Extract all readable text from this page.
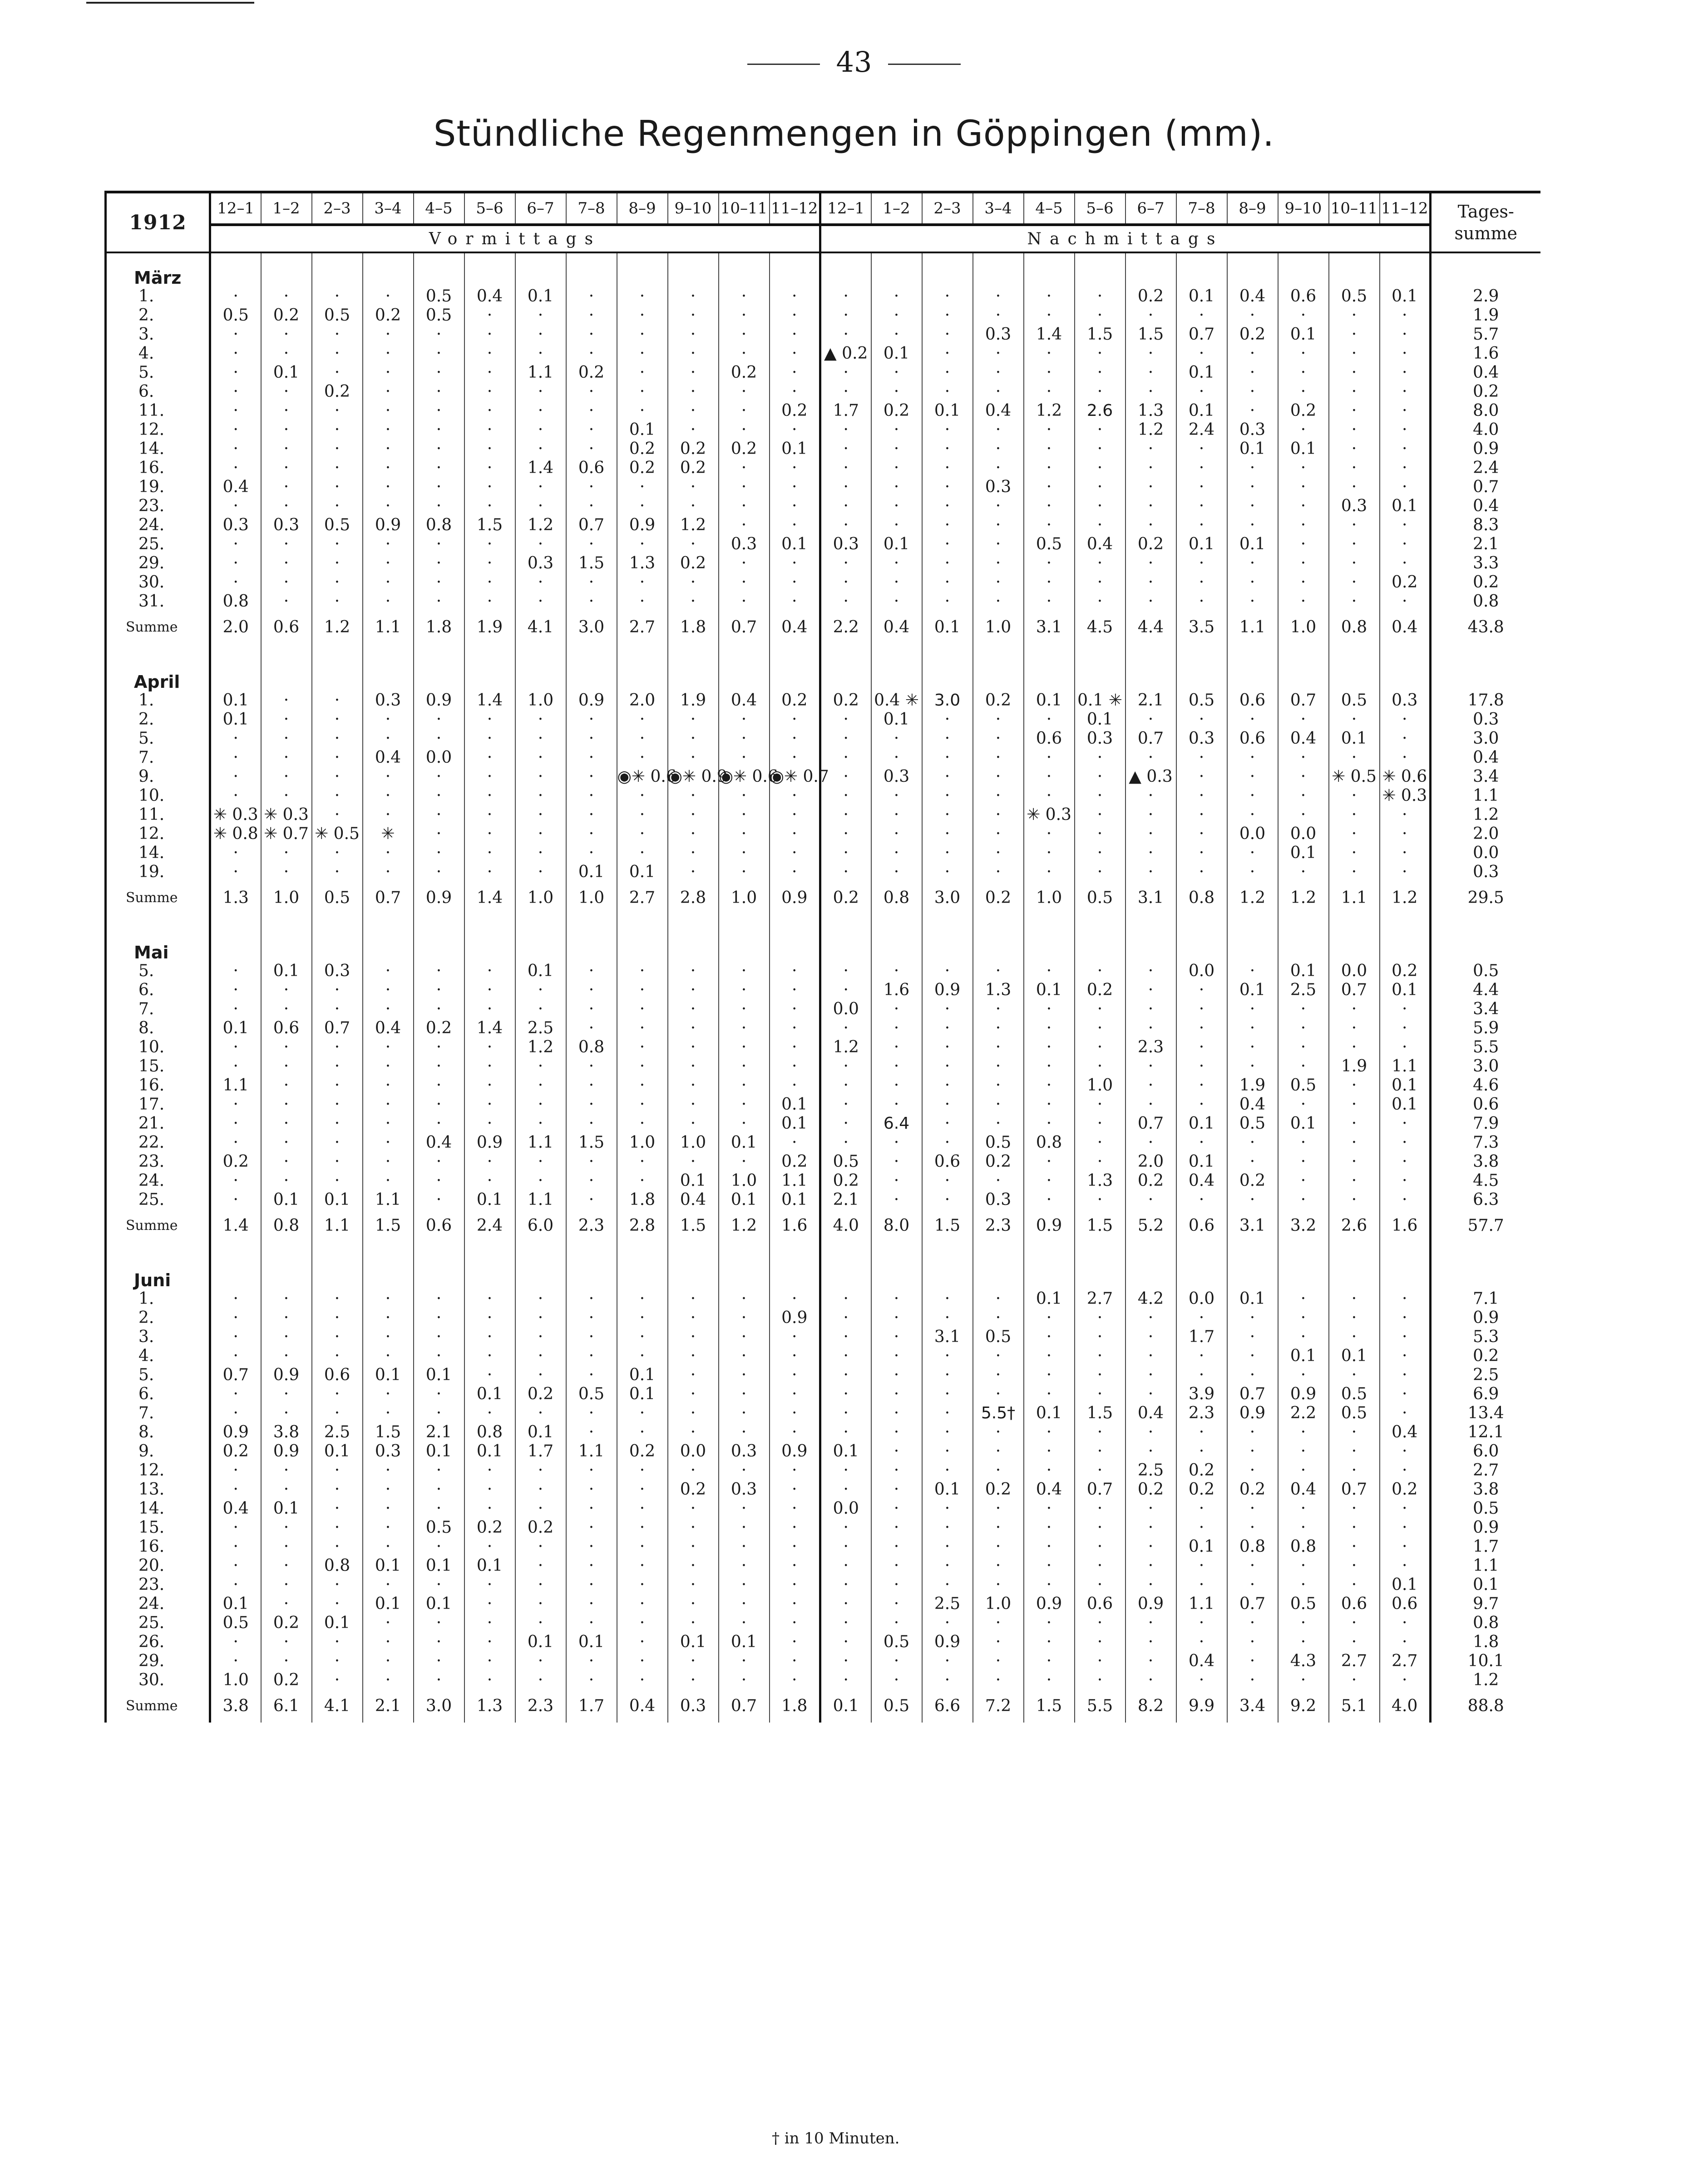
43
Stündliche Regenmengen in Göppingen (mm).
1912	12–1	1–2	2–3	3–4	4–5	5–6	6–7	7–8	8–9	9–10	10–11	11–12	12–1	1–2	2–3	3–4	4–5	5–6	6–7	7–8	8–9	9–10	10–11	11–12	Tages-summe
	Vormittags												Nachmittags												
März																									
1.	·	·	·	·	0.5	0.4	0.1	·	·	·	·	·	·	·	·	·	·	·	0.2	0.1	0.4	0.6	0.5	0.1	2.9
2.	0.5	0.2	0.5	0.2	0.5	·	·	·	·	·	·	·	·	·	·	·	·	·	·	·	·	·	·	·	1.9
3.	·	·	·	·	·	·	·	·	·	·	·	·	·	·	·	0.3	1.4	1.5	1.5	0.7	0.2	0.1	·	·	5.7
4.	·	·	·	·	·	·	·	·	·	·	·	·	▲ 0.2	0.1	·	·	·	·	·	·	·	·	·	·	1.6
5.	·	0.1	·	·	·	·	1.1	0.2	·	·	0.2	·	·	·	·	·	·	·	·	0.1	·	·	·	·	0.4
6.	·	·	0.2	·	·	·	·	·	·	·	·	·	·	·	·	·	·	·	·	·	·	·	·	·	0.2
11.	·	·	·	·	·	·	·	·	·	·	·	0.2	1.7	0.2	0.1	0.4	1.2	2.6	1.3	0.1	·	0.2	·	·	8.0
12.	·	·	·	·	·	·	·	·	0.1	·	·	·	·	·	·	·	·	·	1.2	2.4	0.3	·	·	·	4.0
14.	·	·	·	·	·	·	·	·	0.2	0.2	0.2	0.1	·	·	·	·	·	·	·	·	0.1	0.1	·	·	0.9
16.	·	·	·	·	·	·	1.4	0.6	0.2	0.2	·	·	·	·	·	·	·	·	·	·	·	·	·	·	2.4
19.	0.4	·	·	·	·	·	·	·	·	·	·	·	·	·	·	0.3	·	·	·	·	·	·	·	·	0.7
23.	·	·	·	·	·	·	·	·	·	·	·	·	·	·	·	·	·	·	·	·	·	·	0.3	0.1	0.4
24.	0.3	0.3	0.5	0.9	0.8	1.5	1.2	0.7	0.9	1.2	·	·	·	·	·	·	·	·	·	·	·	·	·	·	8.3
25.	·	·	·	·	·	·	·	·	·	·	0.3	0.1	0.3	0.1	·	·	0.5	0.4	0.2	0.1	0.1	·	·	·	2.1
29.	·	·	·	·	·	·	0.3	1.5	1.3	0.2	·	·	·	·	·	·	·	·	·	·	·	·	·	·	3.3
30.	·	·	·	·	·	·	·	·	·	·	·	·	·	·	·	·	·	·	·	·	·	·	·	0.2	0.2
31.	0.8	·	·	·	·	·	·	·	·	·	·	·	·	·	·	·	·	·	·	·	·	·	·	·	0.8
Summe	2.0	0.6	1.2	1.1	1.8	1.9	4.1	3.0	2.7	1.8	0.7	0.4	2.2	0.4	0.1	1.0	3.1	4.5	4.4	3.5	1.1	1.0	0.8	0.4	43.8

April																									
1.	0.1	·	·	0.3	0.9	1.4	1.0	0.9	2.0	1.9	0.4	0.2	0.2	0.4 ✳	3.0	0.2	0.1	0.1 ✳	2.1	0.5	0.6	0.7	0.5	0.3	17.8
2.	0.1	·	·	·	·	·	·	·	·	·	·	·	·	0.1	·	·	·	0.1	·	·	·	·	·	·	0.3
5.	·	·	·	·	·	·	·	·	·	·	·	·	·	·	·	·	0.6	0.3	0.7	0.3	0.6	0.4	0.1	·	3.0
7.	·	·	·	0.4	0.0	·	·	·	·	·	·	·	·	·	·	·	·	·	·	·	·	·	·	·	0.4
9.	·	·	·	·	·	·	·	·	◉✳ 0.6	◉✳ 0.9	◉✳ 0.6	◉✳ 0.7	·	0.3	·	·	·	·	▲ 0.3	·	·	·	✳ 0.5	✳ 0.6	3.4
10.	·	·	·	·	·	·	·	·	·	·	·	·	·	·	·	·	·	·	·	·	·	·	·	✳ 0.3	1.1
11.	✳ 0.3	✳ 0.3	·	·	·	·	·	·	·	·	·	·	·	·	·	·	✳ 0.3	·	·	·	·	·	·	·	1.2
12.	✳ 0.8	✳ 0.7	✳ 0.5	✳	·	·	·	·	·	·	·	·	·	·	·	·	·	·	·	·	0.0	0.0	·	·	2.0
14.	·	·	·	·	·	·	·	·	·	·	·	·	·	·	·	·	·	·	·	·	·	0.1	·	·	0.0
19.	·	·	·	·	·	·	·	0.1	0.1	·	·	·	·	·	·	·	·	·	·	·	·	·	·	·	0.3
Summe	1.3	1.0	0.5	0.7	0.9	1.4	1.0	1.0	2.7	2.8	1.0	0.9	0.2	0.8	3.0	0.2	1.0	0.5	3.1	0.8	1.2	1.2	1.1	1.2	29.5

Mai																									
5.	·	0.1	0.3	·	·	·	0.1	·	·	·	·	·	·	·	·	·	·	·	·	0.0	·	0.1	0.0	0.2	0.5
6.	·	·	·	·	·	·	·	·	·	·	·	·	·	1.6	0.9	1.3	0.1	0.2	·	·	0.1	2.5	0.7	0.1	4.4
7.	·	·	·	·	·	·	·	·	·	·	·	·	0.0	·	·	·	·	·	·	·	·	·	·	·	3.4
8.	0.1	0.6	0.7	0.4	0.2	1.4	2.5	·	·	·	·	·	·	·	·	·	·	·	·	·	·	·	·	·	5.9
10.	·	·	·	·	·	·	1.2	0.8	·	·	·	·	1.2	·	·	·	·	·	2.3	·	·	·	·	·	5.5
15.	·	·	·	·	·	·	·	·	·	·	·	·	·	·	·	·	·	·	·	·	·	·	1.9	1.1	3.0
16.	1.1	·	·	·	·	·	·	·	·	·	·	·	·	·	·	·	·	1.0	·	·	1.9	0.5	·	0.1	4.6
17.	·	·	·	·	·	·	·	·	·	·	·	0.1	·	·	·	·	·	·	·	·	0.4	·	·	0.1	0.6
21.	·	·	·	·	·	·	·	·	·	·	·	0.1	·	6.4	·	·	·	·	0.7	0.1	0.5	0.1	·	·	7.9
22.	·	·	·	·	0.4	0.9	1.1	1.5	1.0	1.0	0.1	·	·	·	·	0.5	0.8	·	·	·	·	·	·	·	7.3
23.	0.2	·	·	·	·	·	·	·	·	·	·	0.2	0.5	·	0.6	0.2	·	·	2.0	0.1	·	·	·	·	3.8
24.	·	·	·	·	·	·	·	·	·	0.1	1.0	1.1	0.2	·	·	·	·	1.3	0.2	0.4	0.2	·	·	·	4.5
25.	·	0.1	0.1	1.1	·	0.1	1.1	·	1.8	0.4	0.1	0.1	2.1	·	·	0.3	·	·	·	·	·	·	·	·	6.3
Summe	1.4	0.8	1.1	1.5	0.6	2.4	6.0	2.3	2.8	1.5	1.2	1.6	4.0	8.0	1.5	2.3	0.9	1.5	5.2	0.6	3.1	3.2	2.6	1.6	57.7

Juni																									
1.	·	·	·	·	·	·	·	·	·	·	·	·	·	·	·	·	0.1	2.7	4.2	0.0	0.1	·	·	·	7.1
2.	·	·	·	·	·	·	·	·	·	·	·	0.9	·	·	·	·	·	·	·	·	·	·	·	·	0.9
3.	·	·	·	·	·	·	·	·	·	·	·	·	·	·	3.1	0.5	·	·	·	1.7	·	·	·	·	5.3
4.	·	·	·	·	·	·	·	·	·	·	·	·	·	·	·	·	·	·	·	·	·	0.1	0.1	·	0.2
5.	0.7	0.9	0.6	0.1	0.1	·	·	·	0.1	·	·	·	·	·	·	·	·	·	·	·	·	·	·	·	2.5
6.	·	·	·	·	·	0.1	0.2	0.5	0.1	·	·	·	·	·	·	·	·	·	·	3.9	0.7	0.9	0.5	·	6.9
7.	·	·	·	·	·	·	·	·	·	·	·	·	·	·	·	5.5†	0.1	1.5	0.4	2.3	0.9	2.2	0.5	·	13.4
8.	0.9	3.8	2.5	1.5	2.1	0.8	0.1	·	·	·	·	·	·	·	·	·	·	·	·	·	·	·	·	0.4	12.1
9.	0.2	0.9	0.1	0.3	0.1	0.1	1.7	1.1	0.2	0.0	0.3	0.9	0.1	·	·	·	·	·	·	·	·	·	·	·	6.0
12.	·	·	·	·	·	·	·	·	·	·	·	·	·	·	·	·	·	·	2.5	0.2	·	·	·	·	2.7
13.	·	·	·	·	·	·	·	·	·	0.2	0.3	·	·	·	0.1	0.2	0.4	0.7	0.2	0.2	0.2	0.4	0.7	0.2	3.8
14.	0.4	0.1	·	·	·	·	·	·	·	·	·	·	0.0	·	·	·	·	·	·	·	·	·	·	·	0.5
15.	·	·	·	·	0.5	0.2	0.2	·	·	·	·	·	·	·	·	·	·	·	·	·	·	·	·	·	0.9
16.	·	·	·	·	·	·	·	·	·	·	·	·	·	·	·	·	·	·	·	0.1	0.8	0.8	·	·	1.7
20.	·	·	0.8	0.1	0.1	0.1	·	·	·	·	·	·	·	·	·	·	·	·	·	·	·	·	·	·	1.1
23.	·	·	·	·	·	·	·	·	·	·	·	·	·	·	·	·	·	·	·	·	·	·	·	0.1	0.1
24.	0.1	·	·	0.1	0.1	·	·	·	·	·	·	·	·	·	2.5	1.0	0.9	0.6	0.9	1.1	0.7	0.5	0.6	0.6	9.7
25.	0.5	0.2	0.1	·	·	·	·	·	·	·	·	·	·	·	·	·	·	·	·	·	·	·	·	·	0.8
26.	·	·	·	·	·	·	0.1	0.1	·	0.1	0.1	·	·	0.5	0.9	·	·	·	·	·	·	·	·	·	1.8
29.	·	·	·	·	·	·	·	·	·	·	·	·	·	·	·	·	·	·	·	0.4	·	4.3	2.7	2.7	10.1
30.	1.0	0.2	·	·	·	·	·	·	·	·	·	·	·	·	·	·	·	·	·	·	·	·	·	·	1.2
Summe	3.8	6.1	4.1	2.1	3.0	1.3	2.3	1.7	0.4	0.3	0.7	1.8	0.1	0.5	6.6	7.2	1.5	5.5	8.2	9.9	3.4	9.2	5.1	4.0	88.8
† in 10 Minuten.
